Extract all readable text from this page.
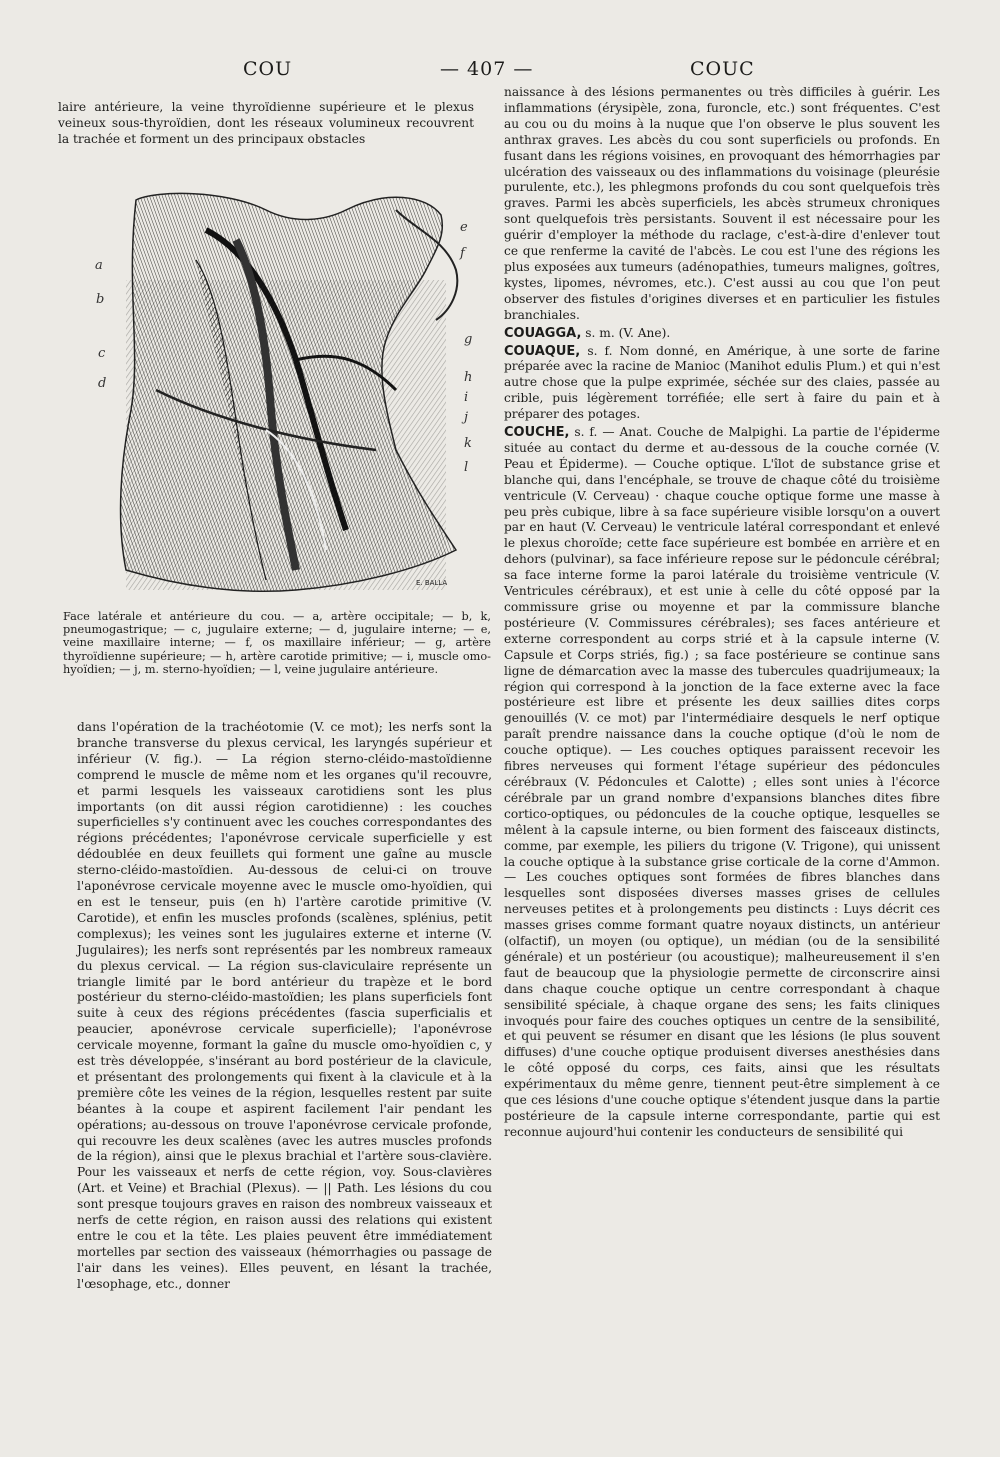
COU	— 407 —	COUC

laire antérieure, la veine thyroïdienne supérieure et le plexus veineux sous-thyroïdien, dont les réseaux volumineux recouvrent la trachée et forment un des principaux obstacles

E. BALLA
a
b
c
d
e
f
g
h
i
j
k
l
Face latérale et antérieure du cou. — a, artère occipitale; — b, k, pneumogastrique; — c, jugulaire externe; — d, jugulaire interne; — e, veine maxillaire interne; — f, os maxillaire inférieur; — g, artère thyroïdienne supérieure; — h, artère carotide primitive; — i, muscle omo-hyoïdien; — j, m. sterno-hyoïdien; — l, veine jugulaire antérieure.

dans l'opération de la trachéotomie (V. ce mot); les nerfs sont la branche transverse du plexus cervical, les laryngés supérieur et inférieur (V. fig.). — La région sterno-cléido-mastoïdienne comprend le muscle de même nom et les organes qu'il recouvre, et parmi lesquels les vaisseaux carotidiens sont les plus importants (on dit aussi région carotidienne) : les couches superficielles s'y continuent avec les couches correspondantes des régions précédentes; l'aponévrose cervicale superficielle y est dédoublée en deux feuillets qui forment une gaîne au muscle sterno-cléido-mastoïdien. Au-dessous de celui-ci on trouve l'aponévrose cervicale moyenne avec le muscle omo-hyoïdien, qui en est le tenseur, puis (en h) l'artère carotide primitive (V. Carotide), et enfin les muscles profonds (scalènes, splénius, petit complexus); les veines sont les jugulaires externe et interne (V. Jugulaires); les nerfs sont représentés par les nombreux rameaux du plexus cervical. — La région sus-claviculaire représente un triangle limité par le bord antérieur du trapèze et le bord postérieur du sterno-cléido-mastoïdien; les plans superficiels font suite à ceux des régions précédentes (fascia superficialis et peaucier, aponévrose cervicale superficielle); l'aponévrose cervicale moyenne, formant la gaîne du muscle omo-hyoïdien c, y est très développée, s'insérant au bord postérieur de la clavicule, et présentant des prolongements qui fixent à la clavicule et à la première côte les veines de la région, lesquelles restent par suite béantes à la coupe et aspirent facilement l'air pendant les opérations; au-dessous on trouve l'aponévrose cervicale profonde, qui recouvre les deux scalènes (avec les autres muscles profonds de la région), ainsi que le plexus brachial et l'artère sous-clavière. Pour les vaisseaux et nerfs de cette région, voy. Sous-clavières (Art. et Veine) et Brachial (Plexus). — || Path. Les lésions du cou sont presque toujours graves en raison des nombreux vaisseaux et nerfs de cette région, en raison aussi des relations qui existent entre le cou et la tête. Les plaies peuvent être immédiatement mortelles par section des vaisseaux (hémorrhagies ou passage de l'air dans les veines). Elles peuvent, en lésant la trachée, l'œsophage, etc., donner

naissance à des lésions permanentes ou très difficiles à guérir. Les inflammations (érysipèle, zona, furoncle, etc.) sont fréquentes. C'est au cou ou du moins à la nuque que l'on observe le plus souvent les anthrax graves. Les abcès du cou sont superficiels ou profonds. En fusant dans les régions voisines, en provoquant des hémorrhagies par ulcération des vaisseaux ou des inflammations du voisinage (pleurésie purulente, etc.), les phlegmons profonds du cou sont quelquefois très graves. Parmi les abcès superficiels, les abcès strumeux chroniques sont quelquefois très persistants. Souvent il est nécessaire pour les guérir d'employer la méthode du raclage, c'est-à-dire d'enlever tout ce que renferme la cavité de l'abcès. Le cou est l'une des régions les plus exposées aux tumeurs (adénopathies, tumeurs malignes, goîtres, kystes, lipomes, névromes, etc.). C'est aussi au cou que l'on peut observer des fistules d'origines diverses et en particulier les fistules branchiales.

COUAGGA, s. m. (V. Ane).

COUAQUE, s. f. Nom donné, en Amérique, à une sorte de farine préparée avec la racine de Manioc (Manihot edulis Plum.) et qui n'est autre chose que la pulpe exprimée, séchée sur des claies, passée au crible, puis légèrement torréfiée; elle sert à faire du pain et à préparer des potages.

COUCHE, s. f. — Anat. Couche de Malpighi. La partie de l'épiderme située au contact du derme et au-dessous de la couche cornée (V. Peau et Épiderme). — Couche optique. L'îlot de substance grise et blanche qui, dans l'encéphale, se trouve de chaque côté du troisième ventricule (V. Cerveau) · chaque couche optique forme une masse à peu près cubique, libre à sa face supérieure visible lorsqu'on a ouvert par en haut (V. Cerveau) le ventricule latéral correspondant et enlevé le plexus choroïde; cette face supérieure est bombée en arrière et en dehors (pulvinar), sa face inférieure repose sur le pédoncule cérébral; sa face interne forme la paroi latérale du troisième ventricule (V. Ventricules cérébraux), et est unie à celle du côté opposé par la commissure grise ou moyenne et par la commissure blanche postérieure (V. Commissures cérébrales); ses faces antérieure et externe correspondent au corps strié et à la capsule interne (V. Capsule et Corps striés, fig.) ; sa face postérieure se continue sans ligne de démarcation avec la masse des tubercules quadrijumeaux; la région qui correspond à la jonction de la face externe avec la face postérieure est libre et présente les deux saillies dites corps genouillés (V. ce mot) par l'intermédiaire desquels le nerf optique paraît prendre naissance dans la couche optique (d'où le nom de couche optique). — Les couches optiques paraissent recevoir les fibres nerveuses qui forment l'étage supérieur des pédoncules cérébraux (V. Pédoncules et Calotte) ; elles sont unies à l'écorce cérébrale par un grand nombre d'expansions blanches dites fibre cortico-optiques, ou pédoncules de la couche optique, lesquelles se mêlent à la capsule interne, ou bien forment des faisceaux distincts, comme, par exemple, les piliers du trigone (V. Trigone), qui unissent la couche optique à la substance grise corticale de la corne d'Ammon. — Les couches optiques sont formées de fibres blanches dans lesquelles sont disposées diverses masses grises de cellules nerveuses petites et à prolongements peu distincts : Luys décrit ces masses grises comme formant quatre noyaux distincts, un antérieur (olfactif), un moyen (ou optique), un médian (ou de la sensibilité générale) et un postérieur (ou acoustique); malheureusement il s'en faut de beaucoup que la physiologie permette de circonscrire ainsi dans chaque couche optique un centre correspondant à chaque sensibilité spéciale, à chaque organe des sens; les faits cliniques invoqués pour faire des couches optiques un centre de la sensibilité, et qui peuvent se résumer en disant que les lésions (le plus souvent diffuses) d'une couche optique produisent diverses anesthésies dans le côté opposé du corps, ces faits, ainsi que les résultats expérimentaux du même genre, tiennent peut-être simplement à ce que ces lésions d'une couche optique s'étendent jusque dans la partie postérieure de la capsule interne correspondante, partie qui est reconnue aujourd'hui contenir les conducteurs de sensibilité qui
